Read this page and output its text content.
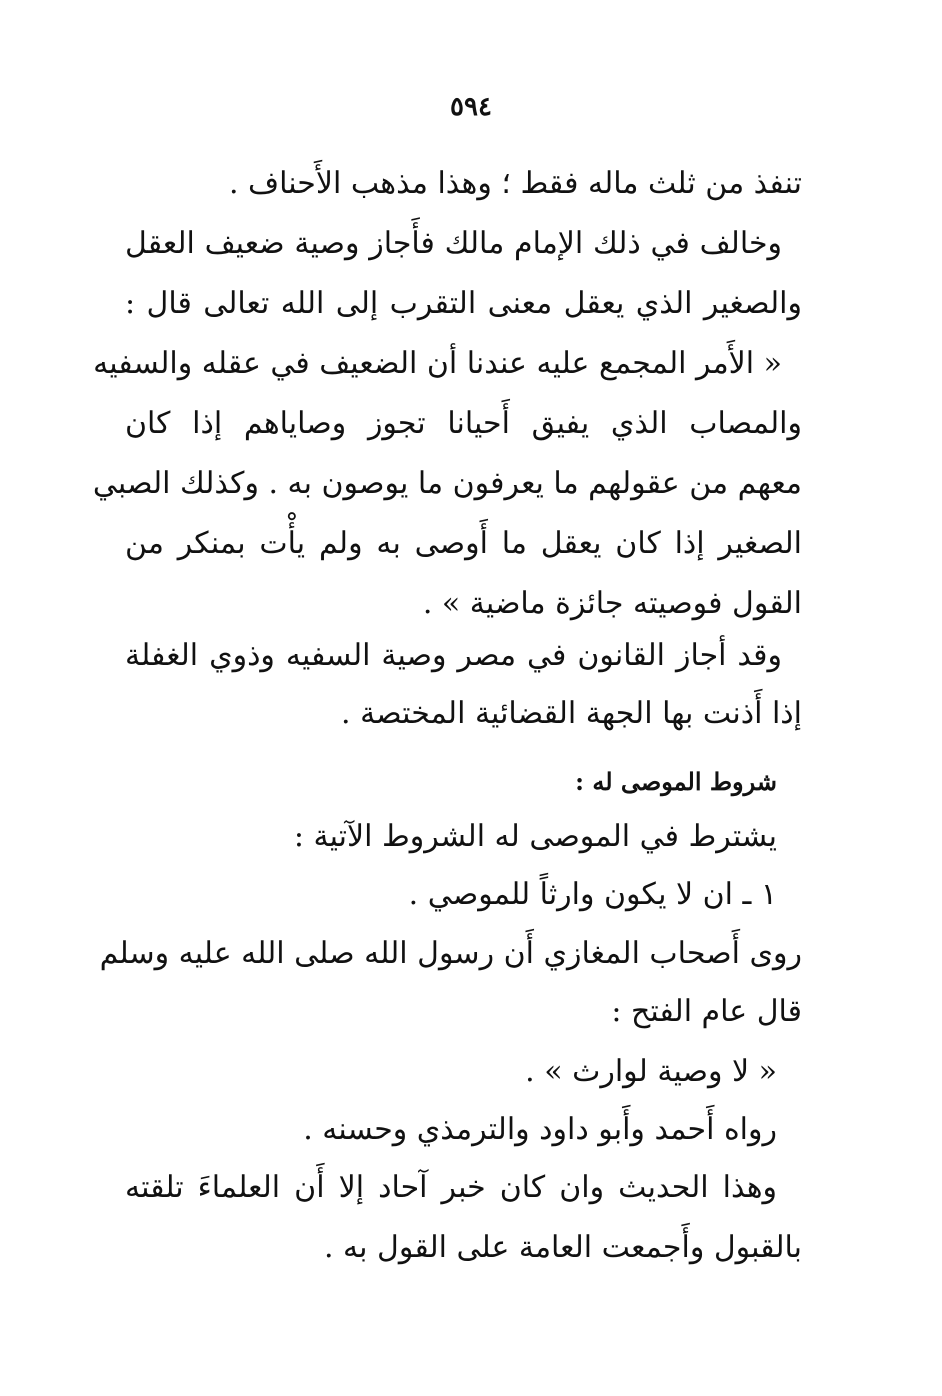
٥٩٤
تنفذ من ثلث ماله فقط ؛ وهذا مذهب الأَحناف .
وخالف في ذلك الإمام مالك فأَجاز وصية ضعيف العقل
والصغير الذي يعقل معنى التقرب إلى الله تعالى قال :
« الأَمر المجمع عليه عندنا أن الضعيف في عقله والسفيه
والمصاب الذي يفيق أَحيانا تجوز وصاياهم إذا كان
معهم من عقولهم ما يعرفون ما يوصون به . وكذلك الصبي
الصغير إذا كان يعقل ما أَوصى به ولم يأْت بمنكر من
القول فوصيته جائزة ماضية » .
وقد أجاز القانون في مصر وصية السفيه وذوي الغفلة
إذا أَذنت بها الجهة القضائية المختصة .
شروط الموصى له :
يشترط في الموصى له الشروط الآتية :
١ ـ ان لا يكون وارثاً للموصي .
روى أَصحاب المغازي أَن رسول الله صلى الله عليه وسلم
قال عام الفتح :
« لا وصية لوارث » .
رواه أَحمد وأَبو داود والترمذي وحسنه .
وهذا الحديث وان كان خبر آحاد إلا أَن العلماءَ تلقته
بالقبول وأَجمعت العامة على القول به .
